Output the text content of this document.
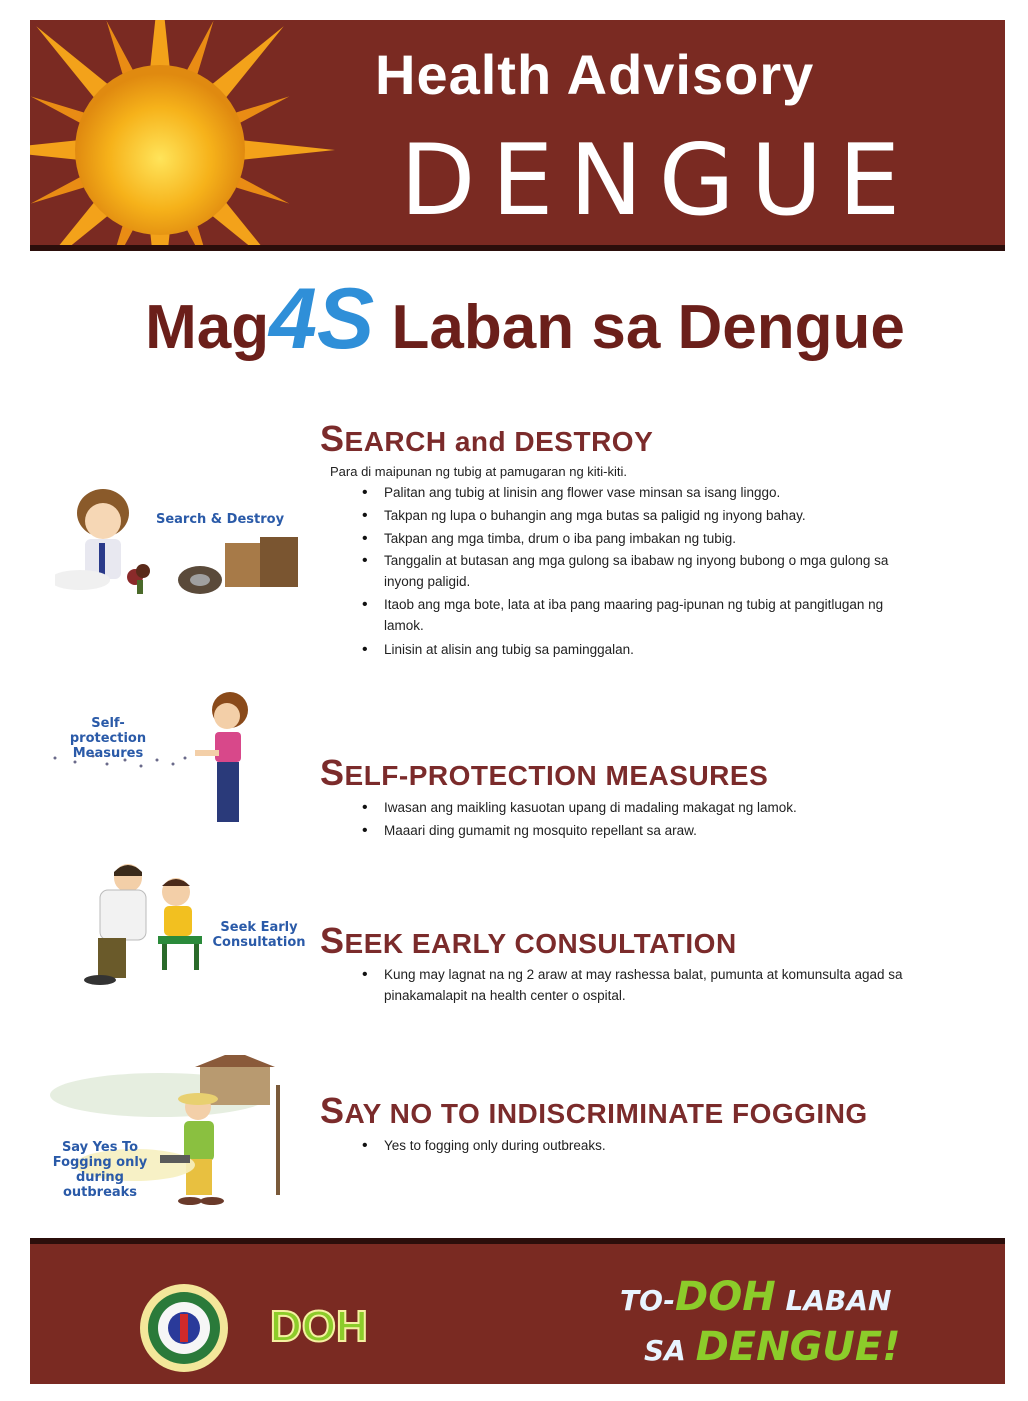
Health Advisory
DENGUE
Mag4S Laban sa Dengue
Search & Destroy
Self-protection Measures
Seek Early Consultation
Say Yes To Fogging only during outbreaks
SEARCH and DESTROY
Para di maipunan ng tubig at pamugaran ng kiti-kiti.
• Palitan ang tubig at linisin ang flower vase minsan sa isang linggo.
• Takpan ng lupa o buhangin ang mga butas sa paligid ng inyong bahay.
• Takpan ang mga timba, drum o iba pang imbakan ng tubig.
• Tanggalin at butasan ang mga gulong sa ibabaw ng inyong bubong o mga gulong sa inyong paligid.
• Itaob ang mga bote, lata at iba pang maaring pag-ipunan ng tubig at pangitlugan ng lamok.
• Linisin at alisin ang tubig sa paminggalan.
SELF-PROTECTION MEASURES
• Iwasan ang maikling kasuotan upang di madaling makagat ng lamok.
• Maaari ding gumamit ng mosquito repellant sa araw.
SEEK EARLY CONSULTATION
• Kung may lagnat na ng 2 araw at may rashessa balat, pumunta at komunsulta agad sa pinakamalapit na health center o ospital.
SAY NO TO INDISCRIMINATE FOGGING
• Yes to fogging only during outbreaks.
DOH
TO-DOH LABAN
SA DENGUE!
